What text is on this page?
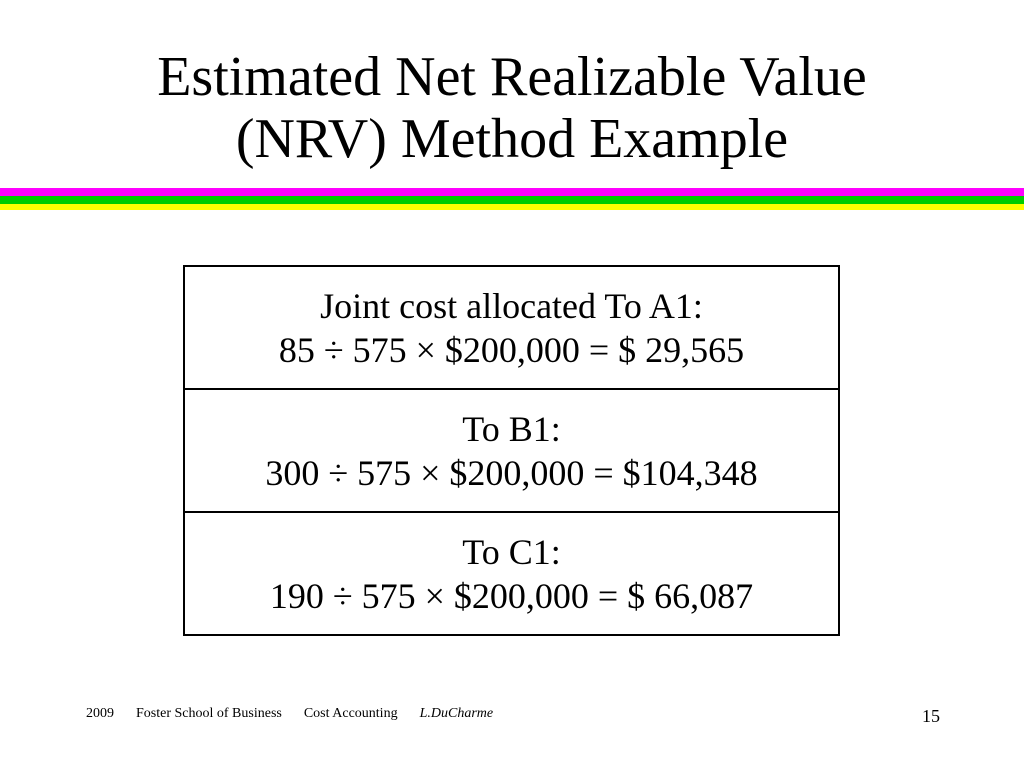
Estimated Net Realizable Value
(NRV) Method Example
Joint cost allocated To A1:
85 ÷ 575 × $200,000 = $ 29,565
To B1:
300 ÷ 575 × $200,000 = $104,348
To C1:
190 ÷ 575 × $200,000 = $ 66,087
2009 Foster School of Business Cost Accounting L.DuCharme	15
